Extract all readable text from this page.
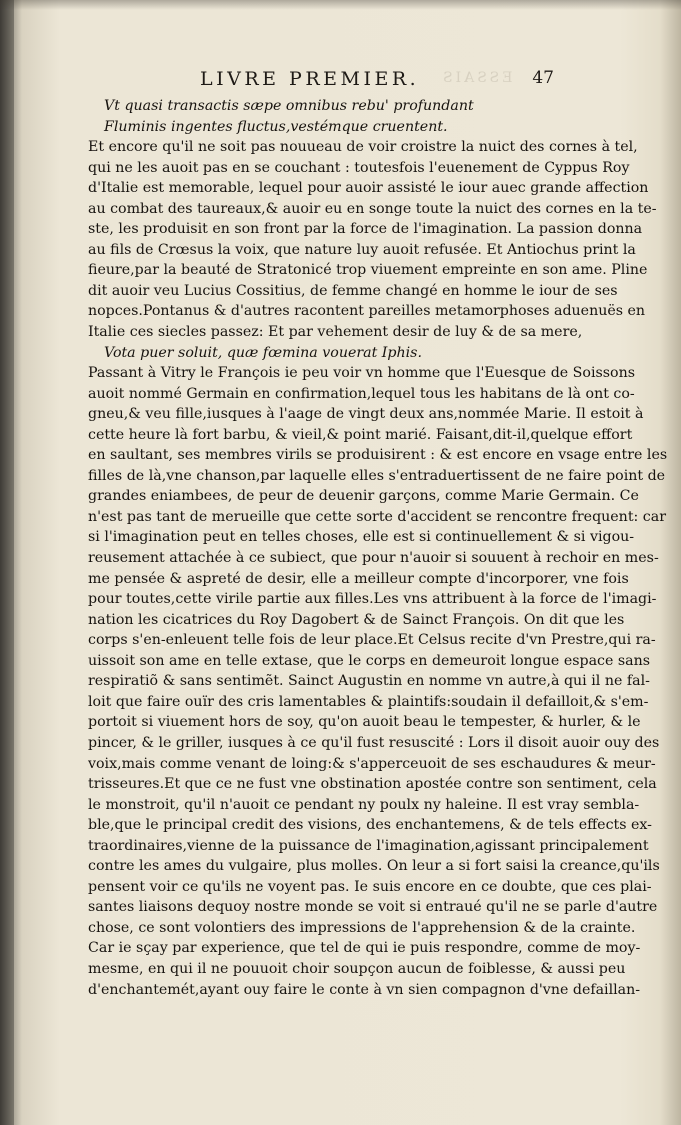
ESSAIS
LIVRE PREMIER.	47
Vt quasi transactis sæpe omnibus rebu' profundant
Fluminis ingentes fluctus,vestémque cruentent.
Et encore qu'il ne soit pas nouueau de voir croistre la nuict des cornes à tel,
qui ne les auoit pas en se couchant : toutesfois l'euenement de Cyppus Roy
d'Italie est memorable, lequel pour auoir assisté le iour auec grande affection
au combat des taureaux,& auoir eu en songe toute la nuict des cornes en la te-
ste, les produisit en son front par la force de l'imagination. La passion donna
au fils de Crœsus la voix, que nature luy auoit refusée. Et Antiochus print la
fieure,par la beauté de Stratonicé trop viuement empreinte en son ame. Pline
dit auoir veu Lucius Cossitius, de femme changé en homme le iour de ses
nopces.Pontanus & d'autres racontent pareilles metamorphoses aduenuës en
Italie ces siecles passez: Et par vehement desir de luy & de sa mere,
Vota puer soluit, quæ fœmina vouerat Iphis.
Passant à Vitry le François ie peu voir vn homme que l'Euesque de Soissons
auoit nommé Germain en confirmation,lequel tous les habitans de là ont co-
gneu,& veu fille,iusques à l'aage de vingt deux ans,nommée Marie. Il estoit à
cette heure là fort barbu, & vieil,& point marié. Faisant,dit-il,quelque effort
en saultant, ses membres virils se produisirent : & est encore en vsage entre les
filles de là,vne chanson,par laquelle elles s'entraduertissent de ne faire point de
grandes eniambees, de peur de deuenir garçons, comme Marie Germain. Ce
n'est pas tant de merueille que cette sorte d'accident se rencontre frequent: car
si l'imagination peut en telles choses, elle est si continuellement & si vigou-
reusement attachée à ce subiect, que pour n'auoir si souuent à rechoir en mes-
me pensée & aspreté de desir, elle a meilleur compte d'incorporer, vne fois
pour toutes,cette virile partie aux filles.Les vns attribuent à la force de l'imagi-
nation les cicatrices du Roy Dagobert & de Sainct François. On dit que les
corps s'en-enleuent telle fois de leur place.Et Celsus recite d'vn Prestre,qui ra-
uissoit son ame en telle extase, que le corps en demeuroit longue espace sans
respiratiõ & sans sentimẽt. Sainct Augustin en nomme vn autre,à qui il ne fal-
loit que faire ouïr des cris lamentables & plaintifs:soudain il defailloit,& s'em-
portoit si viuement hors de soy, qu'on auoit beau le tempester, & hurler, & le
pincer, & le griller, iusques à ce qu'il fust resuscité : Lors il disoit auoir ouy des
voix,mais comme venant de loing:& s'apperceuoit de ses eschaudures & meur-
trisseures.Et que ce ne fust vne obstination apostée contre son sentiment, cela
le monstroit, qu'il n'auoit ce pendant ny poulx ny haleine. Il est vray sembla-
ble,que le principal credit des visions, des enchantemens, & de tels effects ex-
traordinaires,vienne de la puissance de l'imagination,agissant principalement
contre les ames du vulgaire, plus molles. On leur a si fort saisi la creance,qu'ils
pensent voir ce qu'ils ne voyent pas. Ie suis encore en ce doubte, que ces plai-
santes liaisons dequoy nostre monde se voit si entraué qu'il ne se parle d'autre
chose, ce sont volontiers des impressions de l'apprehension & de la crainte.
Car ie sçay par experience, que tel de qui ie puis respondre, comme de moy-
mesme, en qui il ne pouuoit choir soupçon aucun de foiblesse, & aussi peu
d'enchantemét,ayant ouy faire le conte à vn sien compagnon d'vne defaillan-
